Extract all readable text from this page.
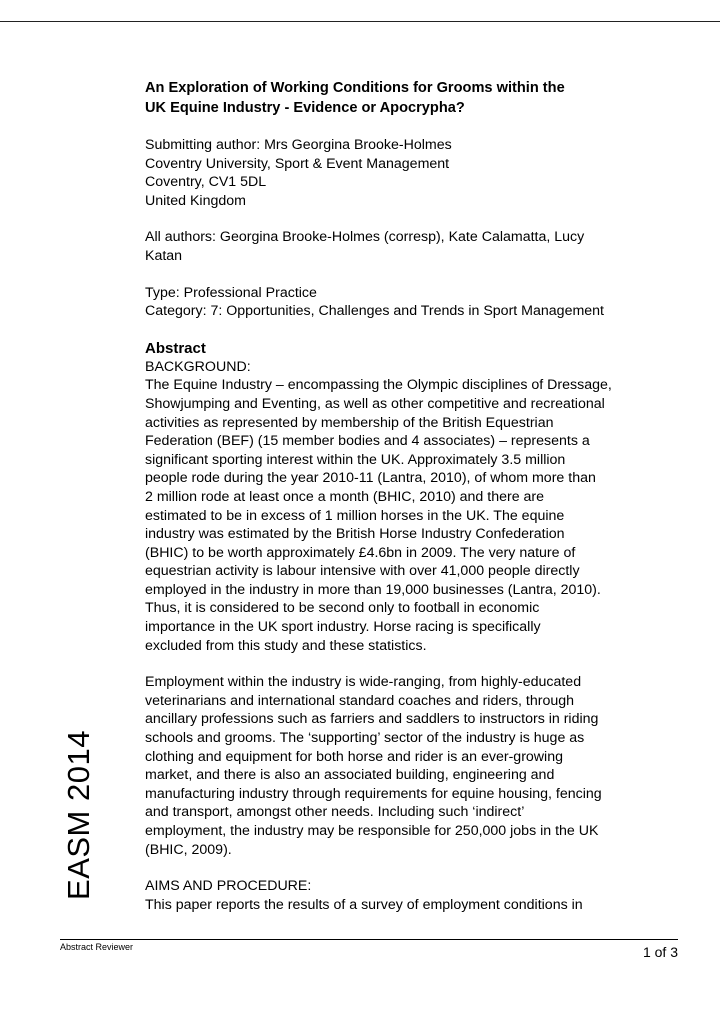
An Exploration of Working Conditions for Grooms within the
UK Equine Industry - Evidence or Apocrypha?
Submitting author: Mrs Georgina Brooke-Holmes
Coventry University, Sport & Event Management
Coventry, CV1 5DL
United Kingdom
All authors: Georgina Brooke-Holmes (corresp), Kate Calamatta, Lucy
Katan
Type: Professional Practice
Category: 7: Opportunities, Challenges and Trends in Sport Management
Abstract
BACKGROUND:
The Equine Industry – encompassing the Olympic disciplines of Dressage,
Showjumping and Eventing, as well as other competitive and recreational
activities as represented by membership of the British Equestrian
Federation (BEF) (15 member bodies and 4 associates) – represents a
significant sporting interest within the UK. Approximately 3.5 million
people rode during the year 2010-11 (Lantra, 2010), of whom more than
2 million rode at least once a month (BHIC, 2010) and there are
estimated to be in excess of 1 million horses in the UK. The equine
industry was estimated by the British Horse Industry Confederation
(BHIC) to be worth approximately £4.6bn in 2009. The very nature of
equestrian activity is labour intensive with over 41,000 people directly
employed in the industry in more than 19,000 businesses (Lantra, 2010).
Thus, it is considered to be second only to football in economic
importance in the UK sport industry. Horse racing is specifically
excluded from this study and these statistics.
Employment within the industry is wide-ranging, from highly-educated
veterinarians and international standard coaches and riders, through
ancillary professions such as farriers and saddlers to instructors in riding
schools and grooms. The ‘supporting’ sector of the industry is huge as
clothing and equipment for both horse and rider is an ever-growing
market, and there is also an associated building, engineering and
manufacturing industry through requirements for equine housing, fencing
and transport, amongst other needs. Including such ‘indirect’
employment, the industry may be responsible for 250,000 jobs in the UK
(BHIC, 2009).
AIMS AND PROCEDURE:
This paper reports the results of a survey of employment conditions in
EASM 2014
Abstract Reviewer	1 of 3
